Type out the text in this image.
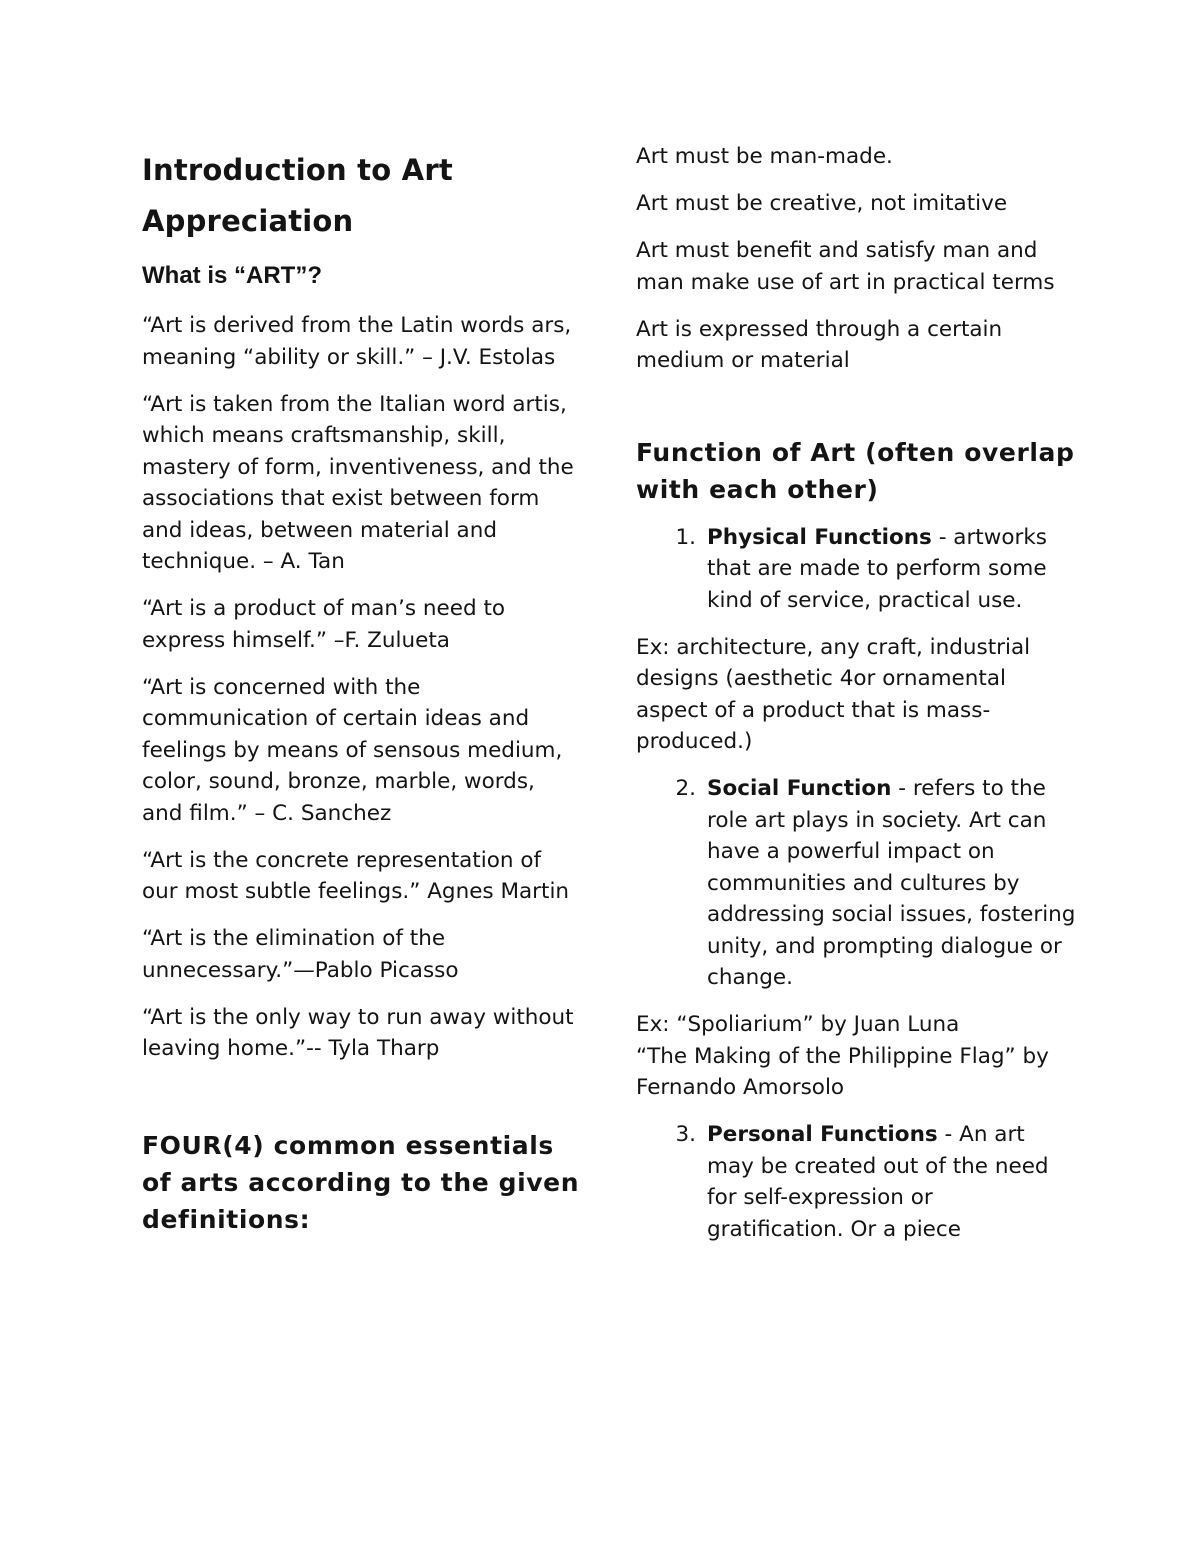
Introduction to Art Appreciation
What is “ART”?

“Art is derived from the Latin words ars, meaning “ability or skill.” – J.V. Estolas

“Art is taken from the Italian word artis, which means craftsmanship, skill, mastery of form, inventiveness, and the associations that exist between form and ideas, between material and technique. – A. Tan

“Art is a product of man’s need to express himself.” –F. Zulueta

“Art is concerned with the communication of certain ideas and feelings by means of sensous medium, color, sound, bronze, marble, words, and film.” – C. Sanchez

“Art is the concrete representation of our most subtle feelings.” Agnes Martin

“Art is the elimination of the unnecessary.”—Pablo Picasso

“Art is the only way to run away without leaving home.”-- Tyla Tharp

FOUR(4) common essentials of arts according to the given definitions:

Art must be man-made.

Art must be creative, not imitative

Art must benefit and satisfy man and man make use of art in practical terms

Art is expressed through a certain medium or material

Function of Art (often overlap with each other)
1. Physical Functions - artworks that are made to perform some kind of service, practical use.

Ex: architecture, any craft, industrial designs (aesthetic 4or ornamental aspect of a product that is mass-produced.)

2. Social Function - refers to the role art plays in society. Art can have a powerful impact on communities and cultures by addressing social issues, fostering unity, and prompting dialogue or change.

Ex: “Spoliarium” by Juan Luna
“The Making of the Philippine Flag” by
Fernando Amorsolo

3. Personal Functions - An art may be created out of the need for self-expression or gratification. Or a piece
